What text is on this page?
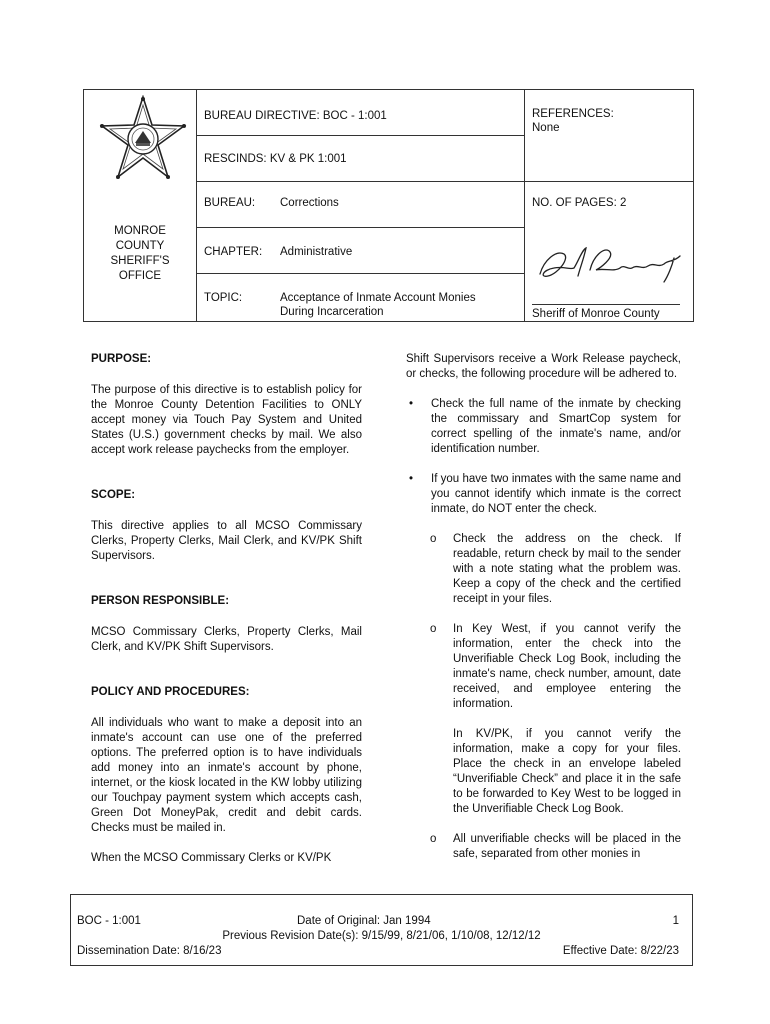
MONROE
COUNTY
SHERIFF'S
OFFICE
BUREAU DIRECTIVE: BOC - 1:001
RESCINDS: KV & PK 1:001
BUREAU: Corrections
CHAPTER: Administrative
TOPIC:	Acceptance of Inmate Account Monies
During Incarceration
REFERENCES:
None
NO. OF PAGES: 2
Sheriff of Monroe County

PURPOSE:

The purpose of this directive is to establish policy for the Monroe County Detention Facilities to ONLY accept money via Touch Pay System and United States (U.S.) government checks by mail. We also accept work release paychecks from the employer.

SCOPE:

This directive applies to all MCSO Commissary Clerks, Property Clerks, Mail Clerk, and KV/PK Shift Supervisors.

PERSON RESPONSIBLE:

MCSO Commissary Clerks, Property Clerks, Mail Clerk, and KV/PK Shift Supervisors.

POLICY AND PROCEDURES:

All individuals who want to make a deposit into an inmate's account can use one of the preferred options. The preferred option is to have individuals add money into an inmate's account by phone, internet, or the kiosk located in the KW lobby utilizing our Touchpay payment system which accepts cash, Green Dot MoneyPak, credit and debit cards. Checks must be mailed in.

When the MCSO Commissary Clerks or KV/PK

Shift Supervisors receive a Work Release paycheck, or checks, the following procedure will be adhered to.

• Check the full name of the inmate by checking the commissary and SmartCop system for correct spelling of the inmate's name, and/or identification number.
• If you have two inmates with the same name and you cannot identify which inmate is the correct inmate, do NOT enter the check.
o Check the address on the check. If readable, return check by mail to the sender with a note stating what the problem was. Keep a copy of the check and the certified receipt in your files.
o In Key West, if you cannot verify the information, enter the check into the Unverifiable Check Log Book, including the inmate's name, check number, amount, date received, and employee entering the information.
In KV/PK, if you cannot verify the information, make a copy for your files. Place the check in an envelope labeled “Unverifiable Check” and place it in the safe to be forwarded to Key West to be logged in the Unverifiable Check Log Book.
o All unverifiable checks will be placed in the safe, separated from other monies in
BOC - 1:001	Date of Original: Jan 1994	1
Previous Revision Date(s): 9/15/99, 8/21/06, 1/10/08, 12/12/12
Dissemination Date: 8/16/23	Effective Date: 8/22/23
